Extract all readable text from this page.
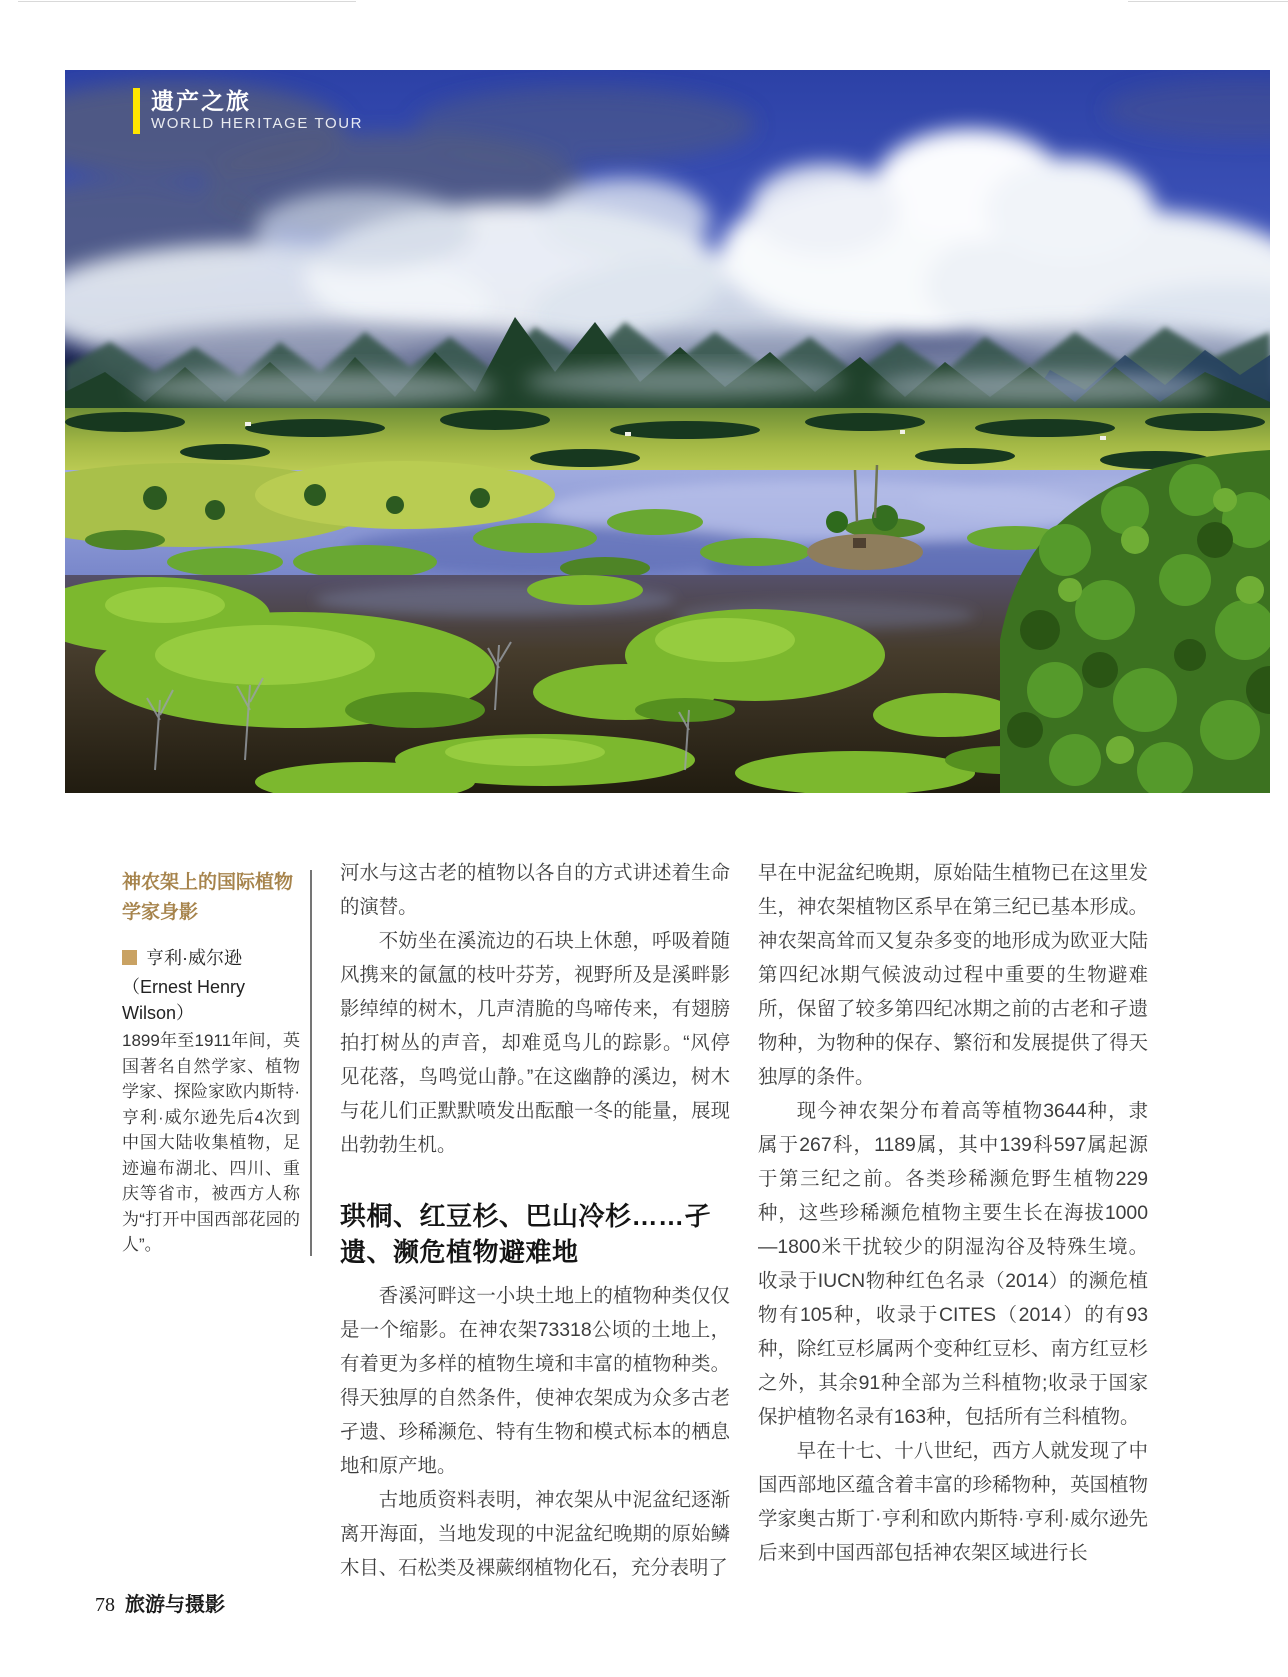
遗产之旅
WORLD HERITAGE TOUR
神农架上的国际植物学家身影

亨利·威尔逊

（Ernest Henry Wilson）

1899年至1911年间，英国著名自然学家、植物学家、探险家欧内斯特·亨利·威尔逊先后4次到中国大陆收集植物，足迹遍布湖北、四川、重庆等省市，被西方人称为“打开中国西部花园的人”。

河水与这古老的植物以各自的方式讲述着生命的演替。

不妨坐在溪流边的石块上休憩，呼吸着随风携来的氤氲的枝叶芬芳，视野所及是溪畔影影绰绰的树木，几声清脆的鸟啼传来，有翅膀拍打树丛的声音，却难觅鸟儿的踪影。“风停见花落，鸟鸣觉山静。”在这幽静的溪边，树木与花儿们正默默喷发出酝酿一冬的能量，展现出勃勃生机。

珙桐、红豆杉、巴山冷杉……孑遗、濒危植物避难地

香溪河畔这一小块土地上的植物种类仅仅是一个缩影。在神农架73318公顷的土地上，有着更为多样的植物生境和丰富的植物种类。得天独厚的自然条件，使神农架成为众多古老孑遗、珍稀濒危、特有生物和模式标本的栖息地和原产地。

古地质资料表明，神农架从中泥盆纪逐渐离开海面，当地发现的中泥盆纪晚期的原始鳞木目、石松类及裸蕨纲植物化石，充分表明了

早在中泥盆纪晚期，原始陆生植物已在这里发生，神农架植物区系早在第三纪已基本形成。神农架高耸而又复杂多变的地形成为欧亚大陆第四纪冰期气候波动过程中重要的生物避难所，保留了较多第四纪冰期之前的古老和孑遗物种，为物种的保存、繁衍和发展提供了得天独厚的条件。

现今神农架分布着高等植物3644种，隶属于267科，1189属，其中139科597属起源于第三纪之前。各类珍稀濒危野生植物229 种，这些珍稀濒危植物主要生长在海拔1000—1800米干扰较少的阴湿沟谷及特殊生境。收录于IUCN物种红色名录（2014）的濒危植物有105种，收录于CITES（2014）的有93种，除红豆杉属两个变种红豆杉、南方红豆杉之外，其余91种全部为兰科植物;收录于国家保护植物名录有163种，包括所有兰科植物。

早在十七、十八世纪，西方人就发现了中国西部地区蕴含着丰富的珍稀物种，英国植物学家奥古斯丁·亨利和欧内斯特·亨利·威尔逊先后来到中国西部包括神农架区域进行长

78 旅游与摄影
